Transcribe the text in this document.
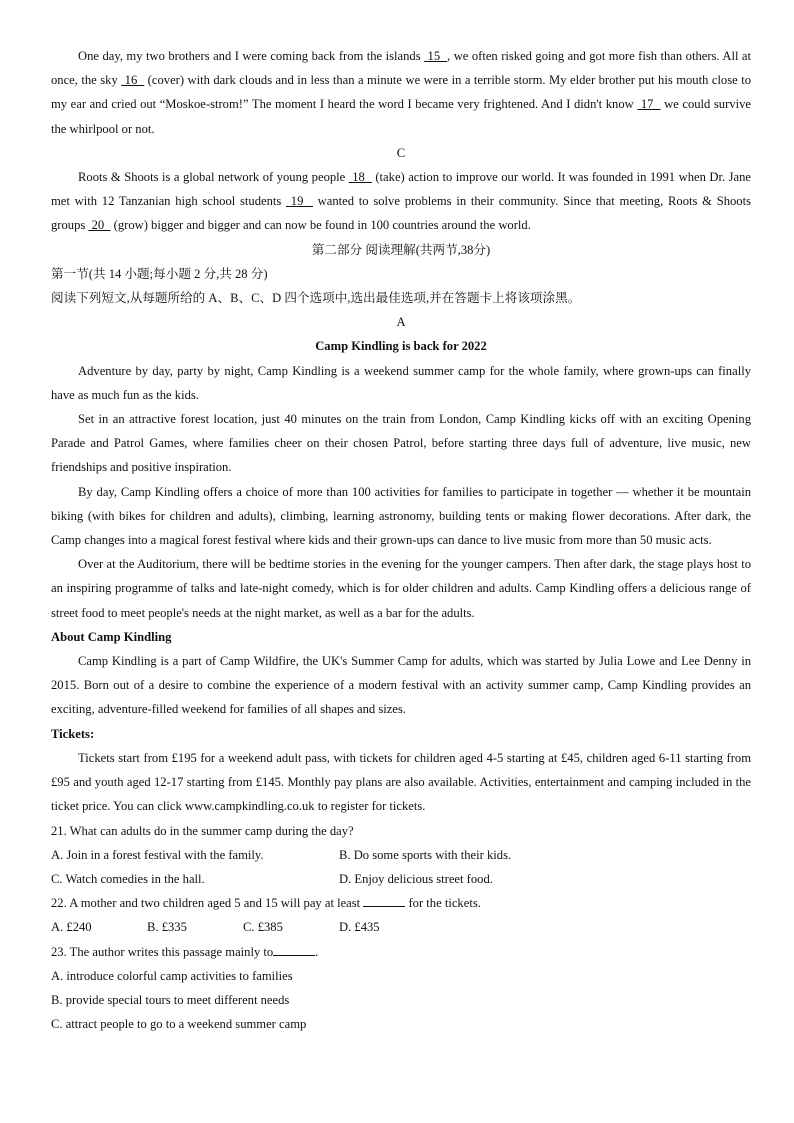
One day, my two brothers and I were coming back from the islands  15  , we often risked going and got more fish than others. All at once, the sky  16   (cover) with dark clouds and in less than a minute we were in a terrible storm. My elder brother put his mouth close to my ear and cried out “Moskoe-strom!” The moment I heard the word I became very frightened. And I didn't know  17   we could survive the whirlpool or not.

C

Roots & Shoots is a global network of young people  18   (take) action to improve our world. It was founded in 1991 when Dr. Jane met with 12 Tanzanian high school students  19   wanted to solve problems in their community. Since that meeting, Roots & Shoots groups  20   (grow) bigger and bigger and can now be found in 100 countries around the world.

第二部分 阅读理解(共两节,38分)

第一节(共 14 小题;每小题 2 分,共 28 分)

阅读下列短文,从每题所给的 A、B、C、D 四个选项中,选出最佳选项,并在答题卡上将该项涂黑。

A

Camp Kindling is back for 2022

Adventure by day, party by night, Camp Kindling is a weekend summer camp for the whole family, where grown-ups can finally have as much fun as the kids.

Set in an attractive forest location, just 40 minutes on the train from London, Camp Kindling kicks off with an exciting Opening Parade and Patrol Games, where families cheer on their chosen Patrol, before starting three days full of adventure, live music, new friendships and positive inspiration.

By day, Camp Kindling offers a choice of more than 100 activities for families to participate in together — whether it be mountain biking (with bikes for children and adults), climbing, learning astronomy, building tents or making flower decorations. After dark, the Camp changes into a magical forest festival where kids and their grown-ups can dance to live music from more than 50 music acts.

Over at the Auditorium, there will be bedtime stories in the evening for the younger campers. Then after dark, the stage plays host to an inspiring programme of talks and late-night comedy, which is for older children and adults. Camp Kindling offers a delicious range of street food to meet people's needs at the night market, as well as a bar for the adults.

About Camp Kindling

Camp Kindling is a part of Camp Wildfire, the UK's Summer Camp for adults, which was started by Julia Lowe and Lee Denny in 2015. Born out of a desire to combine the experience of a modern festival with an activity summer camp, Camp Kindling provides an exciting, adventure-filled weekend for families of all shapes and sizes.

Tickets:

Tickets start from £195 for a weekend adult pass, with tickets for children aged 4-5 starting at £45, children aged 6-11 starting from £95 and youth aged 12-17 starting from £145. Monthly pay plans are also available. Activities, entertainment and camping included in the ticket price. You can click www.campkindling.co.uk to register for tickets.

21. What can adults do in the summer camp during the day?

A. Join in a forest festival with the family.	B. Do some sports with their kids.
C. Watch comedies in the hall.	D. Enjoy delicious street food.

22. A mother and two children aged 5 and 15 will pay at least	for the tickets.

A. £240	B. £335	C. £385	D. £435

23. The author writes this passage mainly to	.

A. introduce colorful camp activities to families

B. provide special tours to meet different needs

C. attract people to go to a weekend summer camp
